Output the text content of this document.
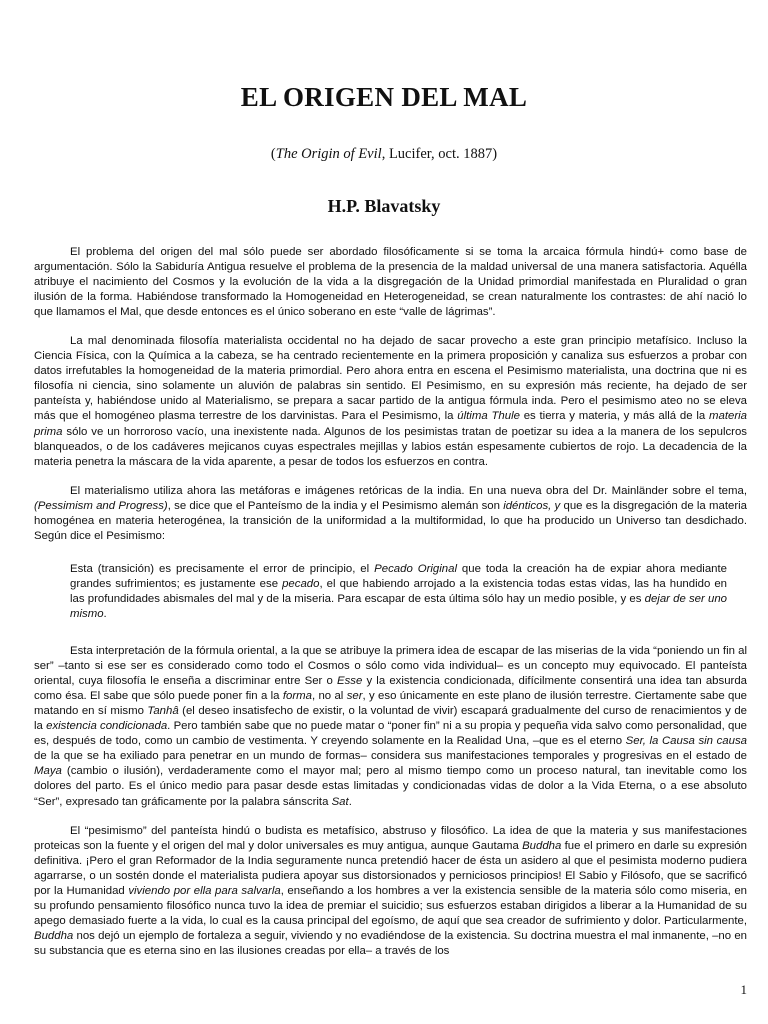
EL ORIGEN DEL MAL
(The Origin of Evil, Lucifer, oct. 1887)
H.P. Blavatsky

El problema del origen del mal sólo puede ser abordado filosóficamente si se toma la arcaica fórmula hindú+ como base de argumentación. Sólo la Sabiduría Antigua resuelve el problema de la presencia de la maldad universal de una manera satisfactoria. Aquélla atribuye el nacimiento del Cosmos y la evolución de la vida a la disgregación de la Unidad primordial manifestada en Pluralidad o gran ilusión de la forma. Habiéndose transformado la Homogeneidad en Heterogeneidad, se crean naturalmente los contrastes: de ahí nació lo que llamamos el Mal, que desde entonces es el único soberano en este “valle de lágrimas”.

La mal denominada filosofía materialista occidental no ha dejado de sacar provecho a este gran principio metafísico. Incluso la Ciencia Física, con la Química a la cabeza, se ha centrado recientemente en la primera proposición y canaliza sus esfuerzos a probar con datos irrefutables la homogeneidad de la materia primordial. Pero ahora entra en escena el Pesimismo materialista, una doctrina que ni es filosofía ni ciencia, sino solamente un aluvión de palabras sin sentido. El Pesimismo, en su expresión más reciente, ha dejado de ser panteísta y, habiéndose unido al Materialismo, se prepara a sacar partido de la antigua fórmula inda. Pero el pesimismo ateo no se eleva más que el homogéneo plasma terrestre de los darvinistas. Para el Pesimismo, la última Thule es tierra y materia, y más allá de la materia prima sólo ve un horroroso vacío, una inexistente nada. Algunos de los pesimistas tratan de poetizar su idea a la manera de los sepulcros blanqueados, o de los cadáveres mejicanos cuyas espectrales mejillas y labios están espesamente cubiertos de rojo. La decadencia de la materia penetra la máscara de la vida aparente, a pesar de todos los esfuerzos en contra.

El materialismo utiliza ahora las metáforas e imágenes retóricas de la india. En una nueva obra del Dr. Mainländer sobre el tema, (Pessimism and Progress), se dice que el Panteísmo de la india y el Pesimismo alemán son idénticos, y que es la disgregación de la materia homogénea en materia heterogénea, la transición de la uniformidad a la multiformidad, lo que ha producido un Universo tan desdichado. Según dice el Pesimismo:

Esta (transición) es precisamente el error de principio, el Pecado Original que toda la creación ha de expiar ahora mediante grandes sufrimientos; es justamente ese pecado, el que habiendo arrojado a la existencia todas estas vidas, las ha hundido en las profundidades abismales del mal y de la miseria. Para escapar de esta última sólo hay un medio posible, y es dejar de ser uno mismo.

Esta interpretación de la fórmula oriental, a la que se atribuye la primera idea de escapar de las miserias de la vida “poniendo un fin al ser” –tanto si ese ser es considerado como todo el Cosmos o sólo como vida individual– es un concepto muy equivocado. El panteísta oriental, cuya filosofía le enseña a discriminar entre Ser o Esse y la existencia condicionada, difícilmente consentirá una idea tan absurda como ésa. El sabe que sólo puede poner fin a la forma, no al ser, y eso únicamente en este plano de ilusión terrestre. Ciertamente sabe que matando en sí mismo Tanhâ (el deseo insatisfecho de existir, o la voluntad de vivir) escapará gradualmente del curso de renacimientos y de la existencia condicionada. Pero también sabe que no puede matar o “poner fin” ni a su propia y pequeña vida salvo como personalidad, que es, después de todo, como un cambio de vestimenta. Y creyendo solamente en la Realidad Una, –que es el eterno Ser, la Causa sin causa de la que se ha exiliado para penetrar en un mundo de formas– considera sus manifestaciones temporales y progresivas en el estado de Maya (cambio o ilusión), verdaderamente como el mayor mal; pero al mismo tiempo como un proceso natural, tan inevitable como los dolores del parto. Es el único medio para pasar desde estas limitadas y condicionadas vidas de dolor a la Vida Eterna, o a ese absoluto “Ser”, expresado tan gráficamente por la palabra sánscrita Sat.

El “pesimismo” del panteísta hindú o budista es metafísico, abstruso y filosófico. La idea de que la materia y sus manifestaciones proteicas son la fuente y el origen del mal y dolor universales es muy antigua, aunque Gautama Buddha fue el primero en darle su expresión definitiva. ¡Pero el gran Reformador de la India seguramente nunca pretendió hacer de ésta un asidero al que el pesimista moderno pudiera agarrarse, o un sostén donde el materialista pudiera apoyar sus distorsionados y perniciosos principios! El Sabio y Filósofo, que se sacrificó por la Humanidad viviendo por ella para salvarla, enseñando a los hombres a ver la existencia sensible de la materia sólo como miseria, en su profundo pensamiento filosófico nunca tuvo la idea de premiar el suicidio; sus esfuerzos estaban dirigidos a liberar a la Humanidad de su apego demasiado fuerte a la vida, lo cual es la causa principal del egoísmo, de aquí que sea creador de sufrimiento y dolor. Particularmente, Buddha nos dejó un ejemplo de fortaleza a seguir, viviendo y no evadiéndose de la existencia. Su doctrina muestra el mal inmanente, –no en su substancia que es eterna sino en las ilusiones creadas por ella– a través de los

1
